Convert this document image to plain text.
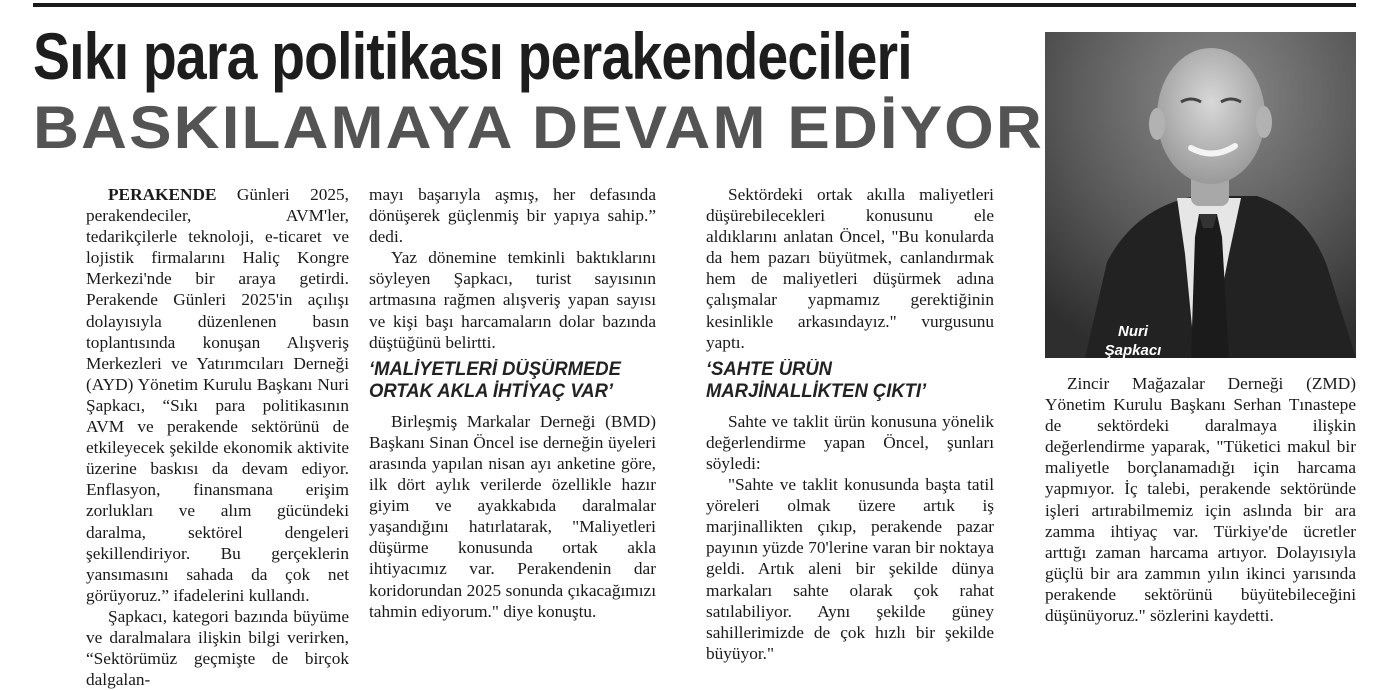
Sıkı para politikası perakendecileri
BASKILAMAYA DEVAM EDİYOR
Nuri
Şapkacı

PERAKENDE Günleri 2025, perakendeciler, AVM'ler, tedarikçilerle teknoloji, e-ticaret ve lojistik firmalarını Haliç Kongre Merkezi'nde bir araya getirdi. Perakende Günleri 2025'in açılışı dolayısıyla düzenlenen basın toplantısında konuşan Alışveriş Merkezleri ve Yatırımcıları Derneği (AYD) Yönetim Kurulu Başkanı Nuri Şapkacı, “Sıkı para politikasının AVM ve perakende sektörünü de etkileyecek şekilde ekonomik aktivite üzerine baskısı da devam ediyor. Enflasyon, finansmana erişim zorlukları ve alım gücündeki daralma, sektörel dengeleri şekillendiriyor. Bu gerçeklerin yansımasını sahada da çok net görüyoruz.” ifadelerini kullandı.

Şapkacı, kategori bazında büyüme ve daralmalara ilişkin bilgi verirken, “Sektörümüz geçmişte de birçok dalgalan-

mayı başarıyla aşmış, her defasında dönüşerek güçlenmiş bir yapıya sahip.” dedi.

Yaz dönemine temkinli baktıklarını söyleyen Şapkacı, turist sayısının artmasına rağmen alışveriş yapan sayısı ve kişi başı harcamaların dolar bazında düştüğünü belirtti.

‘MALİYETLERİ DÜŞÜRMEDE ORTAK AKLA İHTİYAÇ VAR’

Birleşmiş Markalar Derneği (BMD) Başkanı Sinan Öncel ise derneğin üyeleri arasında yapılan nisan ayı anketine göre, ilk dört aylık verilerde özellikle hazır giyim ve ayakkabıda daralmalar yaşandığını hatırlatarak, "Maliyetleri düşürme konusunda ortak akla ihtiyacımız var. Perakendenin dar koridorundan 2025 sonunda çıkacağımızı tahmin ediyorum." diye konuştu.

Sektördeki ortak akılla maliyetleri düşürebilecekleri konusunu ele aldıklarını anlatan Öncel, "Bu konularda da hem pazarı büyütmek, canlandırmak hem de maliyetleri düşürmek adına çalışmalar yapmamız gerektiğinin kesinlikle arkasındayız." vurgusunu yaptı.

‘SAHTE ÜRÜN MARJİNALLİKTEN ÇIKTI’

Sahte ve taklit ürün konusuna yönelik değerlendirme yapan Öncel, şunları söyledi:

"Sahte ve taklit konusunda başta tatil yöreleri olmak üzere artık iş marjinallikten çıkıp, perakende pazar payının yüzde 70'lerine varan bir noktaya geldi. Artık aleni bir şekilde dünya markaları sahte olarak çok rahat satılabiliyor. Aynı şekilde güney sahillerimizde de çok hızlı bir şekilde büyüyor."

Zincir Mağazalar Derneği (ZMD) Yönetim Kurulu Başkanı Serhan Tınastepe de sektördeki daralmaya ilişkin değerlendirme yaparak, "Tüketici makul bir maliyetle borçlanamadığı için harcama yapmıyor. İç talebi, perakende sektöründe işleri artırabilmemiz için aslında bir ara zamma ihtiyaç var. Türkiye'de ücretler arttığı zaman harcama artıyor. Dolayısıyla güçlü bir ara zammın yılın ikinci yarısında perakende sektörünü büyütebileceğini düşünüyoruz." sözlerini kaydetti.
